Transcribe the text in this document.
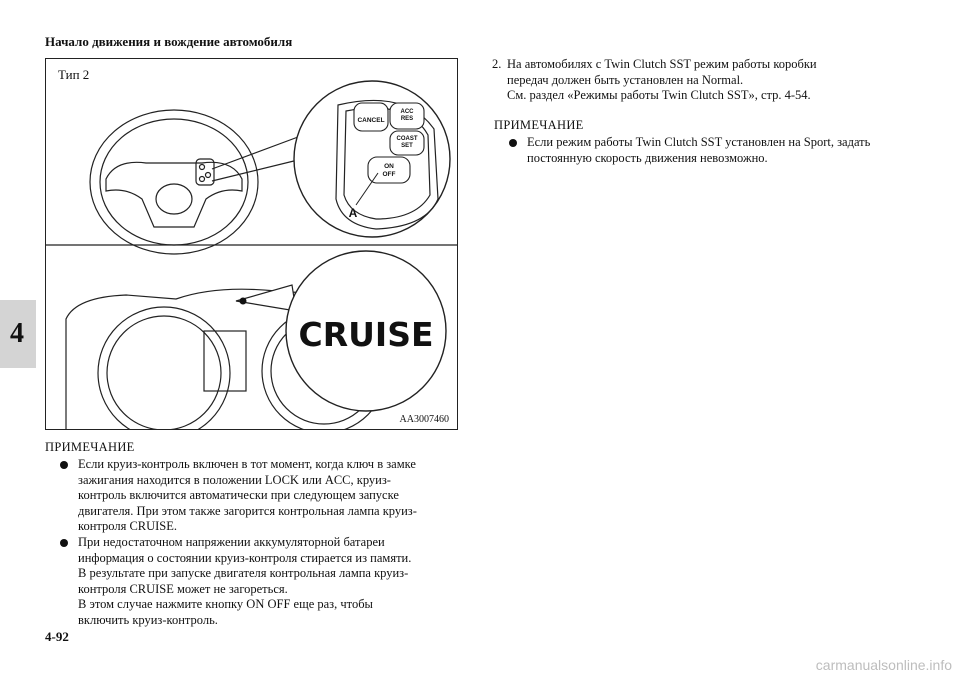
Начало движения и вождение автомобиля
4
CANCEL
ACC
RES
COAST
SET
ON
OFF
A
CRUISE
Тип 2
AA3007460
ПРИМЕЧАНИЕ
Если круиз-контроль включен в тот момент, когда ключ в замке
зажигания находится в положении LOCK или ACC, круиз-
контроль включится автоматически при следующем запуске
двигателя. При этом также загорится контрольная лампа круиз-
контроля CRUISE.
При недостаточном напряжении аккумуляторной батареи
информация о состоянии круиз-контроля стирается из памяти.
В результате при запуске двигателя контрольная лампа круиз-
контроля CRUISE может не загореться.
В этом случае нажмите кнопку ON OFF еще раз, чтобы
включить круиз-контроль.
2. На автомобилях с Twin Clutch SST режим работы коробки
передач должен быть установлен на Normal.
См. раздел «Режимы работы Twin Clutch SST», стр. 4-54.

ПРИМЕЧАНИЕ
Если режим работы Twin Clutch SST установлен на Sport, задать
постоянную скорость движения невозможно.
4-92
carmanualsonline.info
